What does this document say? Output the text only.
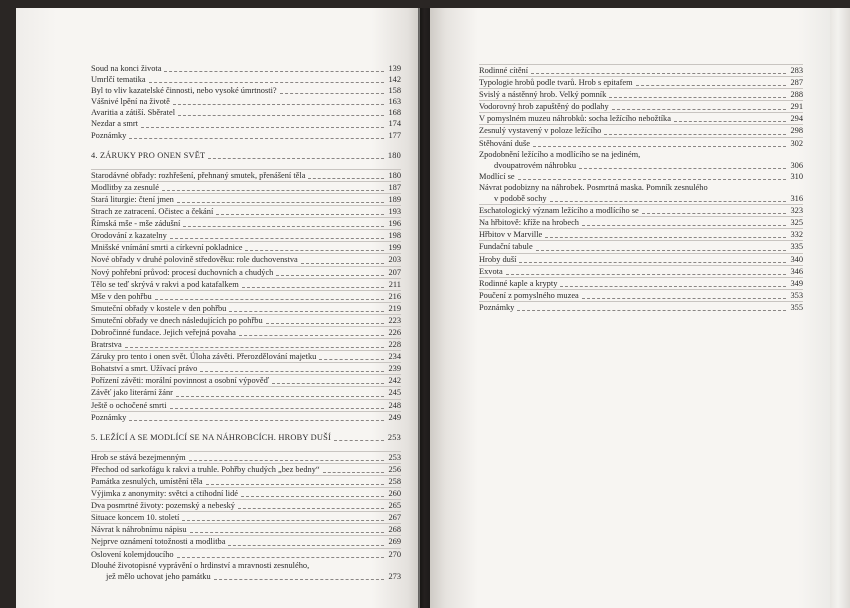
Soud na konci života	139
Umrlčí tematika	142
Byl to vliv kazatelské činnosti, nebo vysoké úmrtnosti?	158
Vášnivé lpění na životě	163
Avaritia a zátiší. Sběratel	168
Nezdar a smrt	174
Poznámky	177
4. ZÁRUKY PRO ONEN SVĚT	180
Starodávné obřady: rozhřešení, přehnaný smutek, přenášení těla	180
Modlitby za zesnulé	187
Stará liturgie: čtení jmen	189
Strach ze zatracení. Očistec a čekání	193
Římská mše - mše zádušní	196
Orodování z kazatelny	198
Mnišské vnímání smrti a církevní pokladnice	199
Nové obřady v druhé polovině středověku: role duchovenstva	203
Nový pohřební průvod: procesí duchovních a chudých	207
Tělo se teď skrývá v rakvi a pod katafalkem	211
Mše v den pohřbu	216
Smuteční obřady v kostele v den pohřbu	219
Smuteční obřady ve dnech následujících po pohřbu	223
Dobročinné fundace. Jejich veřejná povaha	226
Bratrstva	228
Záruky pro tento i onen svět. Úloha závěti. Přerozdělování majetku	234
Bohatství a smrt. Užívací právo	239
Pořízení závěti: morální povinnost a osobní výpověď	242
Závěť jako literární žánr	245
Ještě o ochočené smrti	248
Poznámky	249
5. LEŽÍCÍ A SE MODLÍCÍ SE NA NÁHROBCÍCH. HROBY DUŠÍ	253
Hrob se stává bezejmenným	253
Přechod od sarkofágu k rakvi a truhle. Pohřby chudých „bez bedny“	256
Památka zesnulých, umístění těla	258
Výjimka z anonymity: světci a ctihodní lidé	260
Dva posmrtné životy: pozemský a nebeský	265
Situace koncem 10. století	267
Návrat k náhrobnímu nápisu	268
Nejprve oznámení totožnosti a modlitba	269
Oslovení kolemjdoucího	270
Dlouhé životopisné vyprávění o hrdinství a mravnosti zesnulého,
jež mělo uchovat jeho památku	273
Rodinné cítění	283
Typologie hrobů podle tvarů. Hrob s epitafem	287
Svislý a nástěnný hrob. Velký pomník	288
Vodorovný hrob zapuštěný do podlahy	291
V pomyslném muzeu náhrobků: socha ležícího nebožtíka	294
Zesnulý vystavený v poloze ležícího	298
Stěhování duše	302
Zpodobnění ležícího a modlícího se na jediném,
dvoupatrovém náhrobku	306
Modlící se	310
Návrat podobizny na náhrobek. Posmrtná maska. Pomník zesnulého
v podobě sochy	316
Eschatologický význam ležícího a modlícího se	323
Na hřbitově: kříže na hrobech	325
Hřbitov v Marville	332
Fundační tabule	335
Hroby duší	340
Exvota	346
Rodinné kaple a krypty	349
Poučení z pomyslného muzea	353
Poznámky	355
